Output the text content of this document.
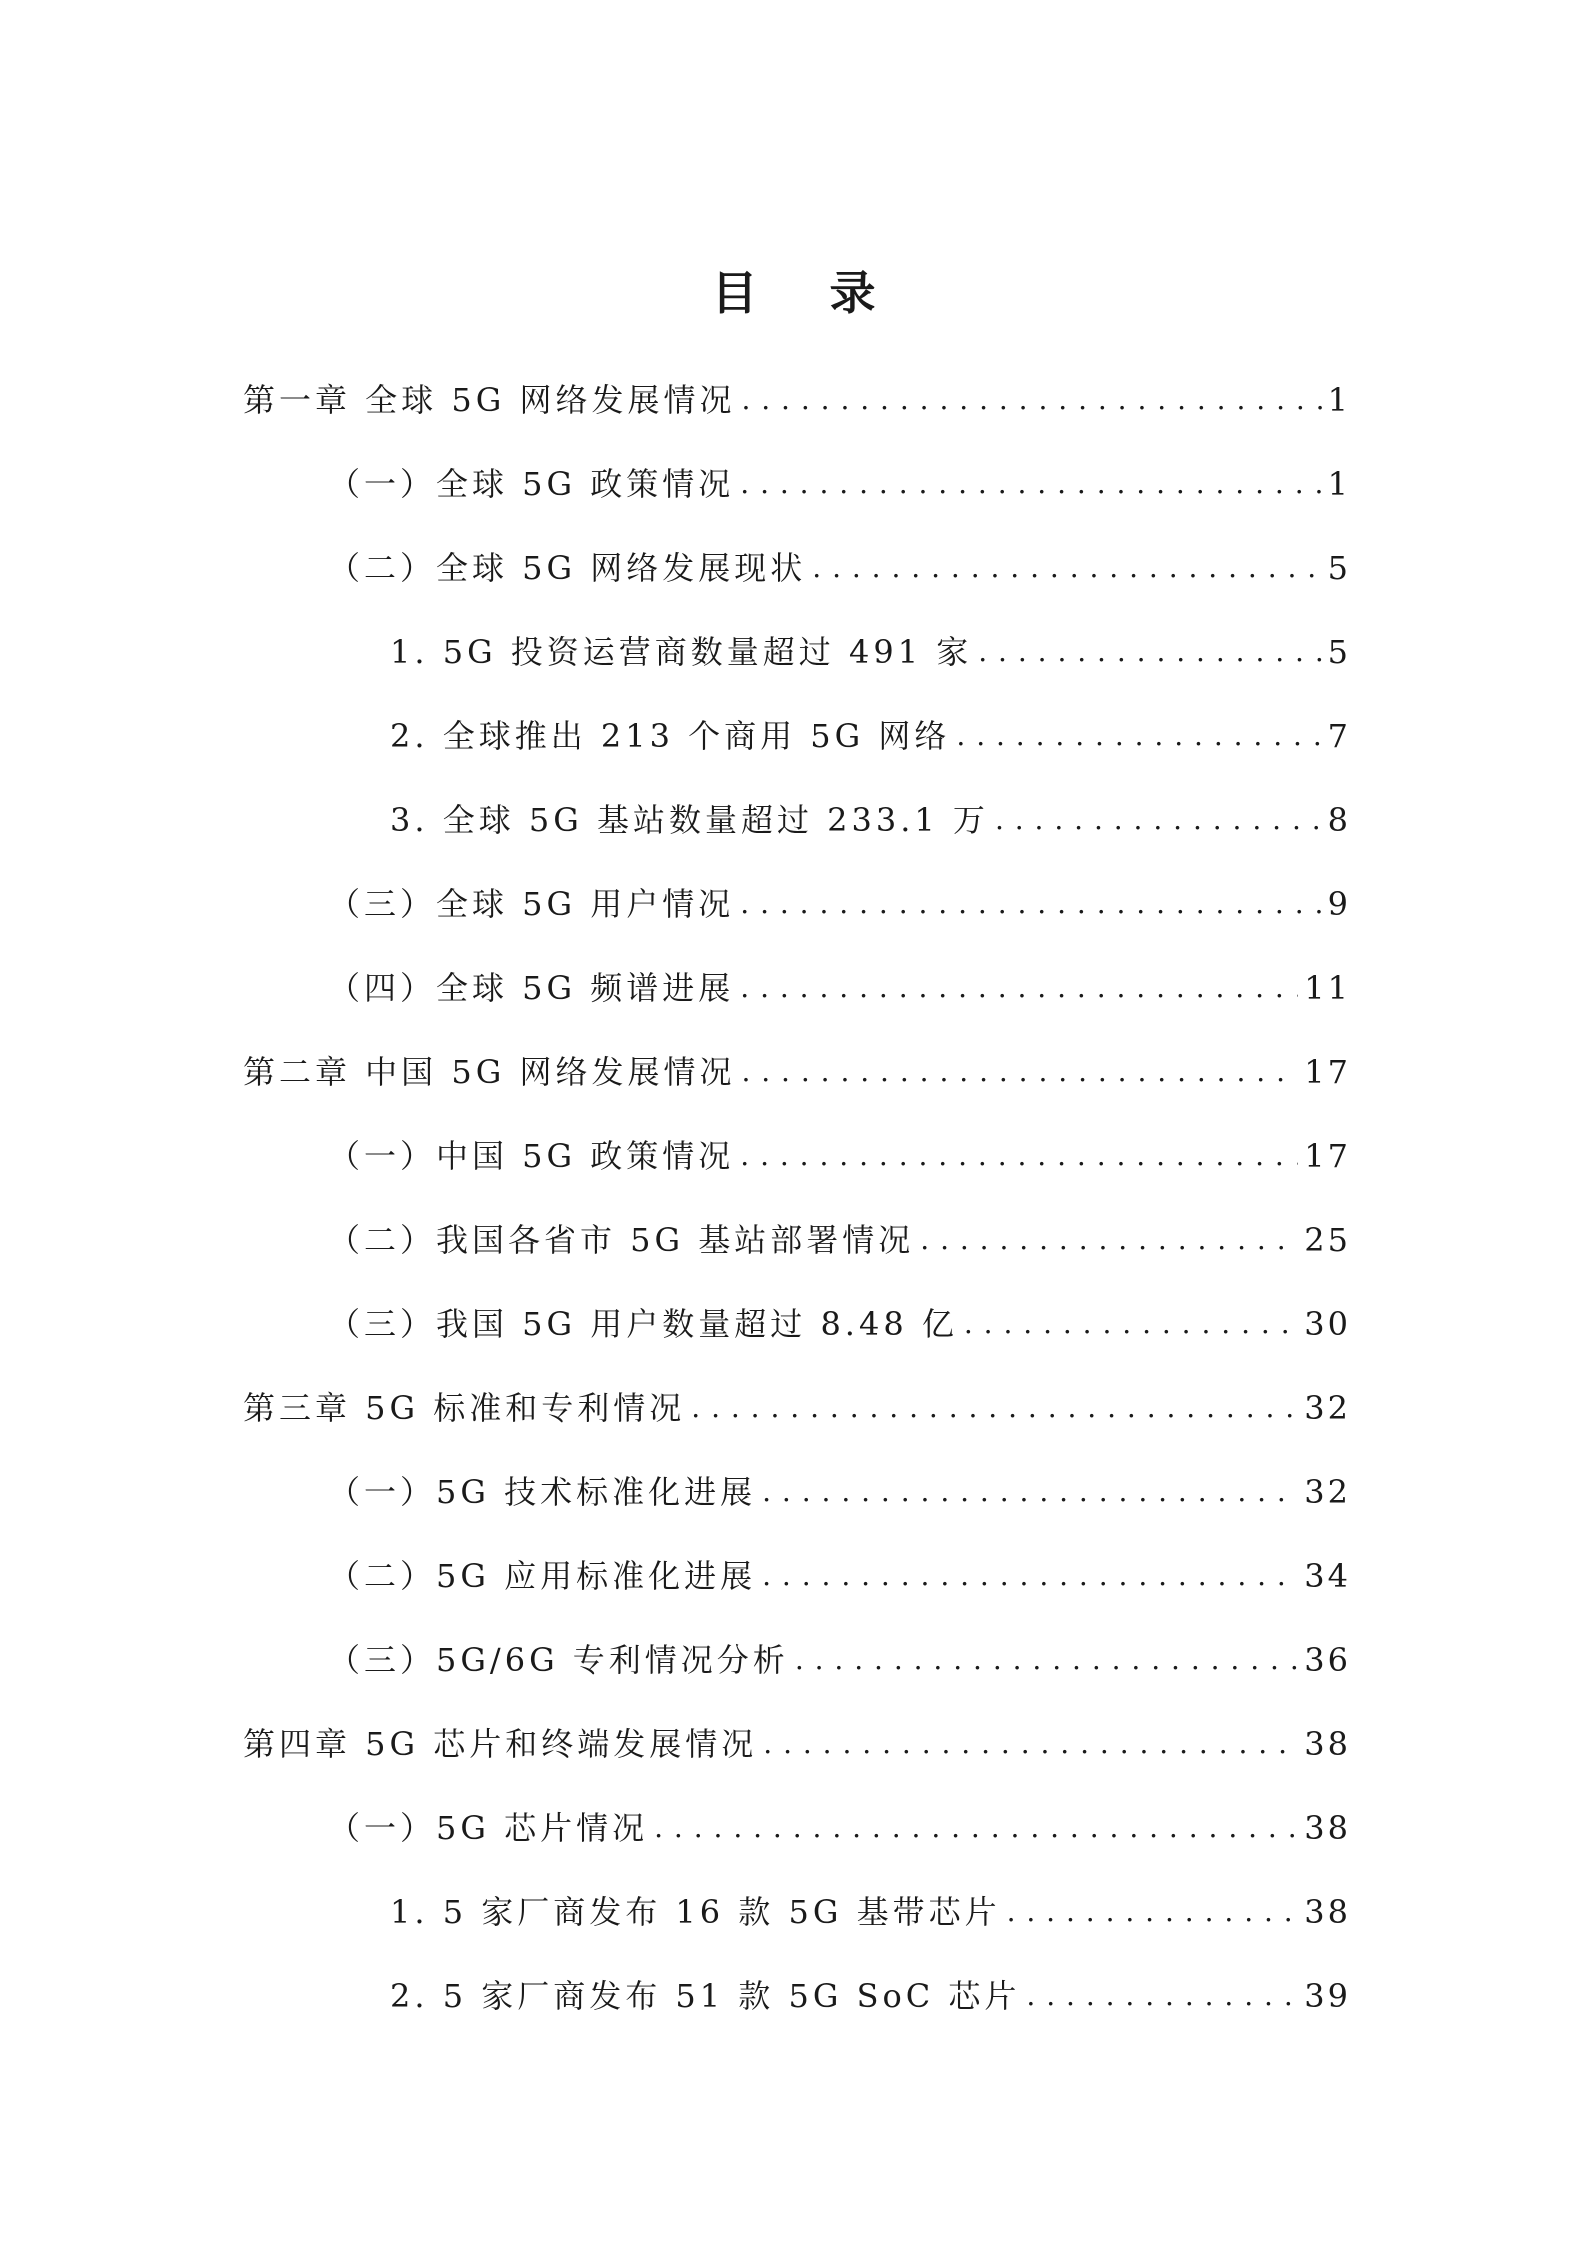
目 录
第一章 全球 5G 网络发展情况 . . .	1
（一）全球 5G 政策情况 . . .	1
（二）全球 5G 网络发展现状 . . .	5
1. 5G 投资运营商数量超过 491 家 . . .	5
2. 全球推出 213 个商用 5G 网络 . . .	7
3. 全球 5G 基站数量超过 233.1 万 . . .	8
（三）全球 5G 用户情况 . . .	9
（四）全球 5G 频谱进展 . . .	11
第二章 中国 5G 网络发展情况 . . .	17
（一）中国 5G 政策情况 . . .	17
（二）我国各省市 5G 基站部署情况 . . .	25
（三）我国 5G 用户数量超过 8.48 亿 . . .	30
第三章 5G 标准和专利情况 . . .	32
（一）5G 技术标准化进展 . . .	32
（二）5G 应用标准化进展 . . .	34
（三）5G/6G 专利情况分析 . . .	36
第四章 5G 芯片和终端发展情况 . . .	38
（一）5G 芯片情况 . . .	38
1. 5 家厂商发布 16 款 5G 基带芯片 . . .	38
2. 5 家厂商发布 51 款 5G SoC 芯片 . . .	39
